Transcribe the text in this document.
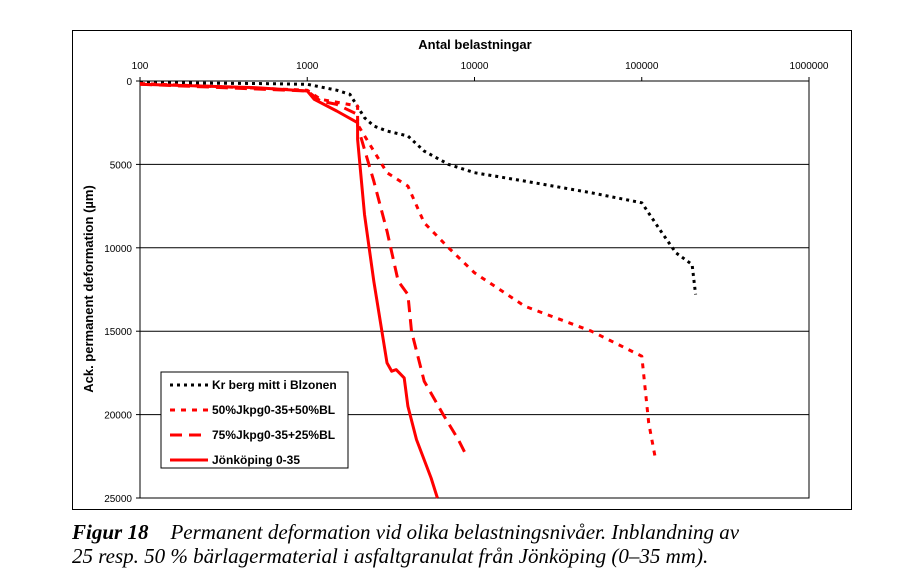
100	1000	10000	100000	1000000
0
5000
10000
15000
20000
25000
Antal belastningar
Ack. permanent deformation (µm)	Kr berg mitt i Blzonen
50%Jkpg0-35+50%BL
75%Jkpg0-35+25%BL
Jönköping 0-35

Figur 18 Permanent deformation vid olika belastningsnivåer. Inblandning av
25 resp. 50 % bärlagermaterial i asfaltgranulat från Jönköping (0–35 mm).
